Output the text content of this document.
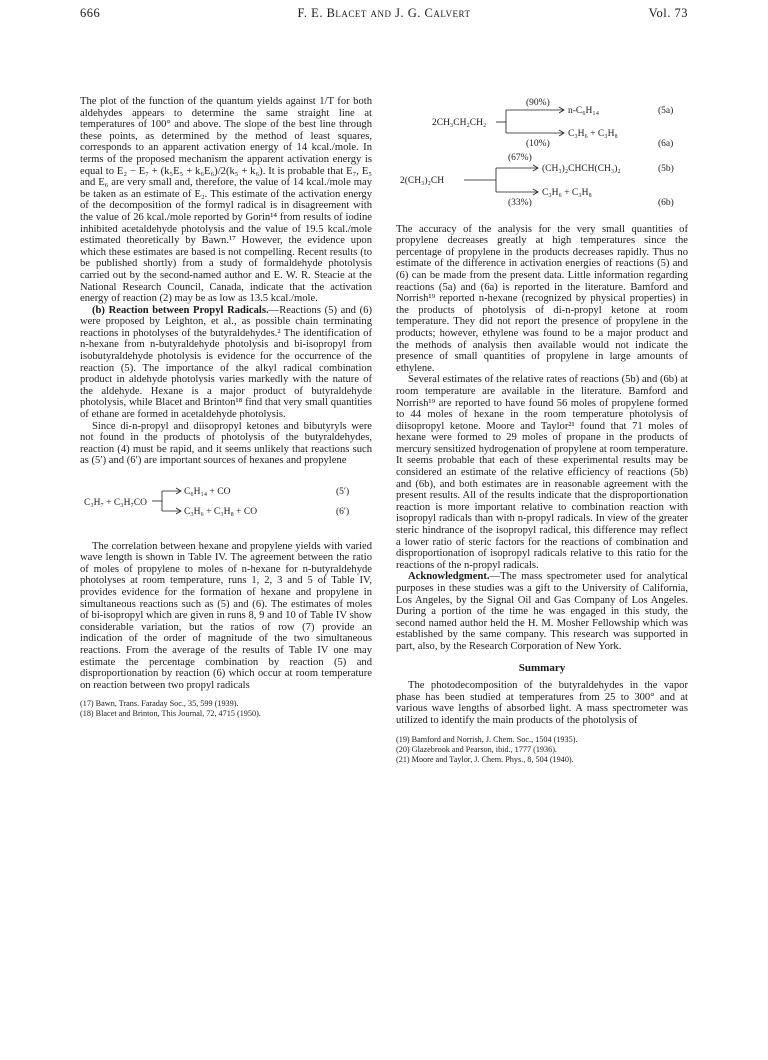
666	F. E. Blacet and J. G. Calvert	Vol. 73

The plot of the function of the quantum yields against 1/T for both aldehydes appears to determine the same straight line at temperatures of 100° and above. The slope of the best line through these points, as determined by the method of least squares, corresponds to an apparent activation energy of 14 kcal./mole. In terms of the proposed mechanism the apparent activation energy is equal to E₂ − E₇ + (k₅E₅ + k₆E₆)/2(k₅ + k₆). It is probable that E₇, E₅ and E₆ are very small and, therefore, the value of 14 kcal./mole may be taken as an estimate of E₂. This estimate of the activation energy of the decomposition of the formyl radical is in disagreement with the value of 26 kcal./mole reported by Gorin¹⁴ from results of iodine inhibited acetaldehyde photolysis and the value of 19.5 kcal./mole estimated theoretically by Bawn.¹⁷ However, the evidence upon which these estimates are based is not compelling. Recent results (to be published shortly) from a study of formaldehyde photolysis carried out by the second-named author and E. W. R. Steacie at the National Research Council, Canada, indicate that the activation energy of reaction (2) may be as low as 13.5 kcal./mole.

(b) Reaction between Propyl Radicals.—Reactions (5) and (6) were proposed by Leighton, et al., as possible chain terminating reactions in photolyses of the butyraldehydes.² The identification of n-hexane from n-butyraldehyde photolysis and bi-isopropyl from isobutyraldehyde photolysis is evidence for the occurrence of the reaction (5). The importance of the alkyl radical combination product in aldehyde photolysis varies markedly with the nature of the aldehyde. Hexane is a major product of butyraldehyde photolysis, while Blacet and Brinton¹⁸ find that very small quantities of ethane are formed in acetaldehyde photolysis.

Since di-n-propyl and diisopropyl ketones and bibutyryls were not found in the products of photolysis of the butyraldehydes, reaction (4) must be rapid, and it seems unlikely that reactions such as (5′) and (6′) are important sources of hexanes and propylene

C₃H₇ + C₃H₇CO
C₆H₁₄ + CO
C₃H₆ + C₃H₈ + CO
(5′)
(6′)

The correlation between hexane and propylene yields with varied wave length is shown in Table IV. The agreement between the ratio of moles of propylene to moles of n-hexane for n-butyraldehyde photolyses at room temperature, runs 1, 2, 3 and 5 of Table IV, provides evidence for the formation of hexane and propylene in simultaneous reactions such as (5) and (6). The estimates of moles of bi-isopropyl which are given in runs 8, 9 and 10 of Table IV show considerable variation, but the ratios of row (7) provide an indication of the order of magnitude of the two simultaneous reactions. From the average of the results of Table IV one may estimate the percentage combination by reaction (5) and disproportionation by reaction (6) which occur at room temperature on reaction between two propyl radicals

(17) Bawn, Trans. Faraday Soc., 35, 599 (1939).
(18) Blacet and Brinton, This Journal, 72, 4715 (1950).
(90%)
2CH₃CH₂CH₂
n-C₆H₁₄
C₃H₆ + C₃H₈
(10%)
(5a)
(6a)
(67%)
2(CH₃)₂CH
(CH₃)₂CHCH(CH₃)₂
C₃H₆ + C₃H₈
(33%)
(5b)
(6b)

The accuracy of the analysis for the very small quantities of propylene decreases greatly at high temperatures since the percentage of propylene in the products decreases rapidly. Thus no estimate of the difference in activation energies of reactions (5) and (6) can be made from the present data. Little information regarding reactions (5a) and (6a) is reported in the literature. Bamford and Norrish¹⁹ reported n-hexane (recognized by physical properties) in the products of photolysis of di-n-propyl ketone at room temperature. They did not report the presence of propylene in the products; however, ethylene was found to be a major product and the methods of analysis then available would not indicate the presence of small quantities of propylene in large amounts of ethylene.

Several estimates of the relative rates of reactions (5b) and (6b) at room temperature are available in the literature. Bamford and Norrish¹⁹ are reported to have found 56 moles of propylene formed to 44 moles of hexane in the room temperature photolysis of diisopropyl ketone. Moore and Taylor²¹ found that 71 moles of hexane were formed to 29 moles of propane in the products of mercury sensitized hydrogenation of propylene at room temperature. It seems probable that each of these experimental results may be considered an estimate of the relative efficiency of reactions (5b) and (6b), and both estimates are in reasonable agreement with the present results. All of the results indicate that the disproportionation reaction is more important relative to combination reaction with isopropyl radicals than with n-propyl radicals. In view of the greater steric hindrance of the isopropyl radical, this difference may reflect a lower ratio of steric factors for the reactions of combination and disproportionation of isopropyl radicals relative to this ratio for the reactions of the n-propyl radicals.

Acknowledgment.—The mass spectrometer used for analytical purposes in these studies was a gift to the University of California, Los Angeles, by the Signal Oil and Gas Company of Los Angeles. During a portion of the time he was engaged in this study, the second named author held the H. M. Mosher Fellowship which was established by the same company. This research was supported in part, also, by the Research Corporation of New York.

Summary

The photodecomposition of the butyraldehydes in the vapor phase has been studied at temperatures from 25 to 300° and at various wave lengths of absorbed light. A mass spectrometer was utilized to identify the main products of the photolysis of

(19) Bamford and Norrish, J. Chem. Soc., 1504 (1935).
(20) Glazebrook and Pearson, ibid., 1777 (1936).
(21) Moore and Taylor, J. Chem. Phys., 8, 504 (1940).
